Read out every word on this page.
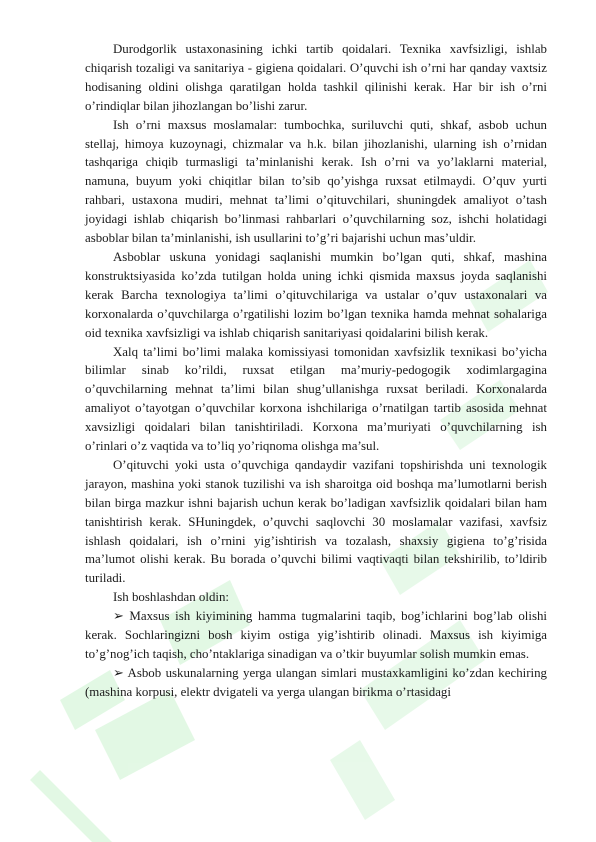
Durodgorlik ustaxonasining ichki tartib qoidalari. Texnika xavfsizligi, ishlab chiqarish tozaligi va sanitariya - gigiena qoidalari. O’quvchi ish o’rni har qanday vaxtsiz hodisaning oldini olishga qaratilgan holda tashkil qilinishi kerak. Har bir ish o’rni o’rindiqlar bilan jihozlangan bo’lishi zarur.

Ish o’rni maxsus moslamalar: tumbochka, suriluvchi quti, shkaf, asbob uchun stellaj, himoya kuzoynagi, chizmalar va h.k. bilan jihozlanishi, ularning ish o’rnidan tashqariga chiqib turmasligi ta’minlanishi kerak. Ish o’rni va yo’laklarni material, namuna, buyum yoki chiqitlar bilan to’sib qo’yishga ruxsat etilmaydi. O’quv yurti rahbari, ustaxona mudiri, mehnat ta’limi o’qituvchilari, shuningdek amaliyot o’tash joyidagi ishlab chiqarish bo’linmasi rahbarlari o’quvchilarning soz, ishchi holatidagi asboblar bilan ta’minlanishi, ish usullarini to’g’ri bajarishi uchun mas’uldir.

Asboblar uskuna yonidagi saqlanishi mumkin bo’lgan quti, shkaf, mashina konstruktsiyasida ko’zda tutilgan holda uning ichki qismida maxsus joyda saqlanishi kerak Barcha texnologiya ta’limi o’qituvchilariga va ustalar o’quv ustaxonalari va korxonalarda o’quvchilarga o’rgatilishi lozim bo’lgan texnika hamda mehnat sohalariga oid texnika xavfsizligi va ishlab chiqarish sanitariyasi qoidalarini bilish kerak.

Xalq ta’limi bo’limi malaka komissiyasi tomonidan xavfsizlik texnikasi bo’yicha bilimlar sinab ko’rildi, ruxsat etilgan ma’muriy-pedogogik xodimlargagina o’quvchilarning mehnat ta’limi bilan shug’ullanishga ruxsat beriladi. Korxonalarda amaliyot o’tayotgan o’quvchilar korxona ishchilariga o’rnatilgan tartib asosida mehnat xavsizligi qoidalari bilan tanishtiriladi. Korxona ma’muriyati o’quvchilarning ish o’rinlari o’z vaqtida va to’liq yo’riqnoma olishga ma’sul.

O’qituvchi yoki usta o’quvchiga qandaydir vazifani topshirishda uni texnologik jarayon, mashina yoki stanok tuzilishi va ish sharoitga oid boshqa ma’lumotlarni berish bilan birga mazkur ishni bajarish uchun kerak bo’ladigan xavfsizlik qoidalari bilan ham tanishtirish kerak. SHuningdek, o’quvchi saqlovchi 30 moslamalar vazifasi, xavfsiz ishlash qoidalari, ish o’rnini yig’ishtirish va tozalash, shaxsiy gigiena to’g’risida ma’lumot olishi kerak. Bu borada o’quvchi bilimi vaqtivaqti bilan tekshirilib, to’ldirib turiladi.

Ish boshlashdan oldin:

➢ Maxsus ish kiyimining hamma tugmalarini taqib, bog’ichlarini bog’lab olishi kerak. Sochlaringizni bosh kiyim ostiga yig’ishtirib olinadi. Maxsus ish kiyimiga to’g’nog’ich taqish, cho’ntaklariga sinadigan va o’tkir buyumlar solish mumkin emas.

➢ Asbob uskunalarning yerga ulangan simlari mustaxkamligini ko’zdan kechiring (mashina korpusi, elektr dvigateli va yerga ulangan birikma o’rtasidagi
